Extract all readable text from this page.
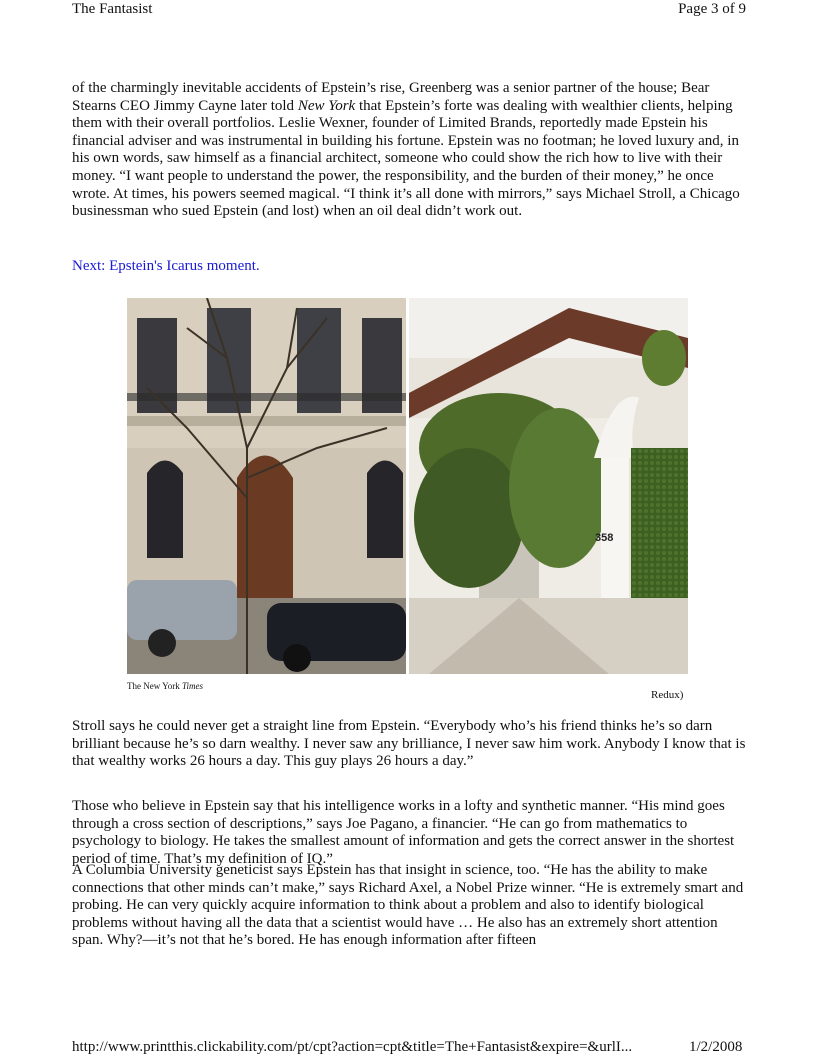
The Fantasist	Page 3 of 9

of the charmingly inevitable accidents of Epstein’s rise, Greenberg was a senior partner of the house; Bear Stearns CEO Jimmy Cayne later told New York that Epstein’s forte was dealing with wealthier clients, helping them with their overall portfolios. Leslie Wexner, founder of Limited Brands, reportedly made Epstein his financial adviser and was instrumental in building his fortune. Epstein was no footman; he loved luxury and, in his own words, saw himself as a financial architect, someone who could show the rich how to live with their money. “I want people to understand the power, the responsibility, and the burden of their money,” he once wrote. At times, his powers seemed magical. “I think it’s all done with mirrors,” says Michael Stroll, a Chicago businessman who sued Epstein (and lost) when an oil deal didn’t work out.

Next: Epstein's Icarus moment.
358
The New York Times
Redux)

Stroll says he could never get a straight line from Epstein. “Everybody who’s his friend thinks he’s so darn brilliant because he’s so darn wealthy. I never saw any brilliance, I never saw him work. Anybody I know that is that wealthy works 26 hours a day. This guy plays 26 hours a day.”

Those who believe in Epstein say that his intelligence works in a lofty and synthetic manner. “His mind goes through a cross section of descriptions,” says Joe Pagano, a financier. “He can go from mathematics to psychology to biology. He takes the smallest amount of information and gets the correct answer in the shortest period of time. That’s my definition of IQ.”

A Columbia University geneticist says Epstein has that insight in science, too. “He has the ability to make connections that other minds can’t make,” says Richard Axel, a Nobel Prize winner. “He is extremely smart and probing. He can very quickly acquire information to think about a problem and also to identify biological problems without having all the data that a scientist would have … He also has an extremely short attention span. Why?—it’s not that he’s bored. He has enough information after fifteen

http://www.printthis.clickability.com/pt/cpt?action=cpt&title=The+Fantasist&expire=&urlI...	1/2/2008
